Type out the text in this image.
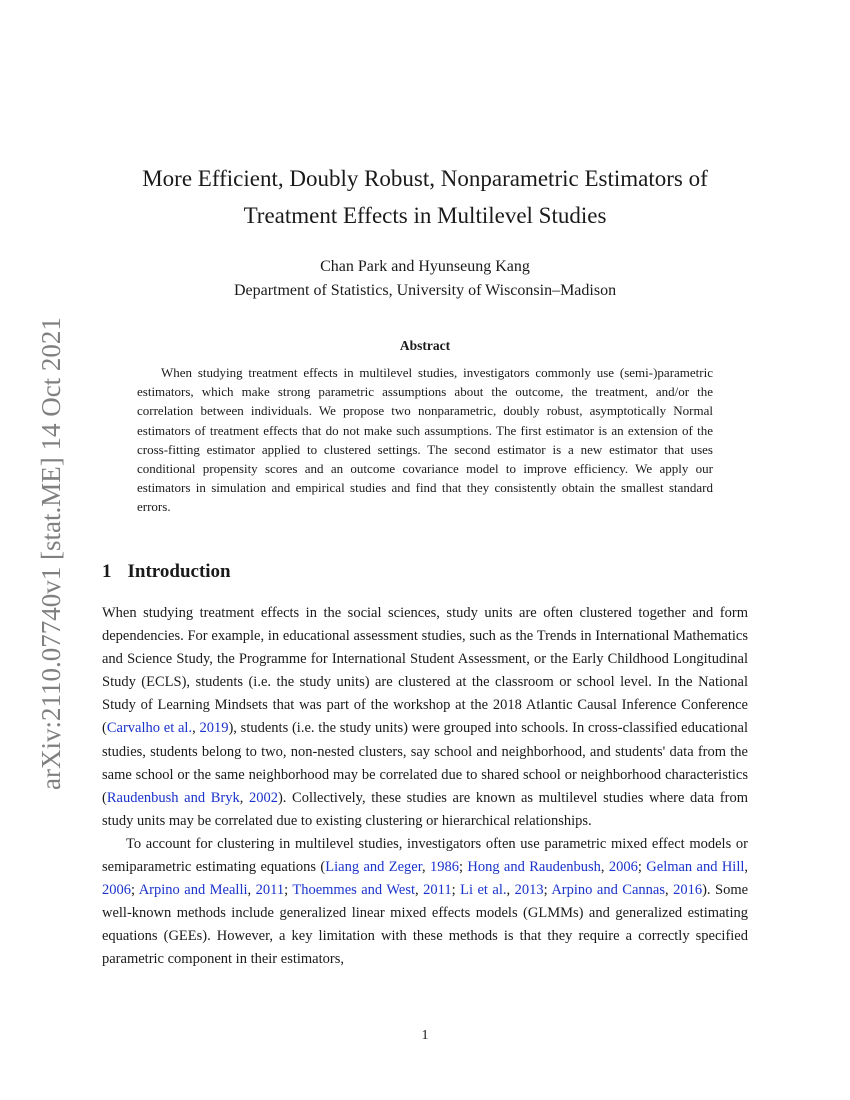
arXiv:2110.07740v1 [stat.ME] 14 Oct 2021
More Efficient, Doubly Robust, Nonparametric Estimators of
Treatment Effects in Multilevel Studies
Chan Park and Hyunseung Kang
Department of Statistics, University of Wisconsin–Madison
Abstract

When studying treatment effects in multilevel studies, investigators commonly use (semi-)parametric estimators, which make strong parametric assumptions about the outcome, the treatment, and/or the correlation between individuals. We propose two nonparametric, doubly robust, asymptotically Normal estimators of treatment effects that do not make such assumptions. The first estimator is an extension of the cross-fitting estimator applied to clustered settings. The second estimator is a new estimator that uses conditional propensity scores and an outcome covariance model to improve efficiency. We apply our estimators in simulation and empirical studies and find that they consistently obtain the smallest standard errors.

1 Introduction

When studying treatment effects in the social sciences, study units are often clustered together and form dependencies. For example, in educational assessment studies, such as the Trends in International Mathematics and Science Study, the Programme for International Student Assessment, or the Early Childhood Longitudinal Study (ECLS), students (i.e. the study units) are clustered at the classroom or school level. In the National Study of Learning Mindsets that was part of the workshop at the 2018 Atlantic Causal Inference Conference (Carvalho et al., 2019), students (i.e. the study units) were grouped into schools. In cross-classified educational studies, students belong to two, non-nested clusters, say school and neighborhood, and students' data from the same school or the same neighborhood may be correlated due to shared school or neighborhood characteristics (Raudenbush and Bryk, 2002). Collectively, these studies are known as multilevel studies where data from study units may be correlated due to existing clustering or hierarchical relationships.

To account for clustering in multilevel studies, investigators often use parametric mixed effect models or semiparametric estimating equations (Liang and Zeger, 1986; Hong and Raudenbush, 2006; Gelman and Hill, 2006; Arpino and Mealli, 2011; Thoemmes and West, 2011; Li et al., 2013; Arpino and Cannas, 2016). Some well-known methods include generalized linear mixed effects models (GLMMs) and generalized estimating equations (GEEs). However, a key limitation with these methods is that they require a correctly specified parametric component in their estimators,

1
